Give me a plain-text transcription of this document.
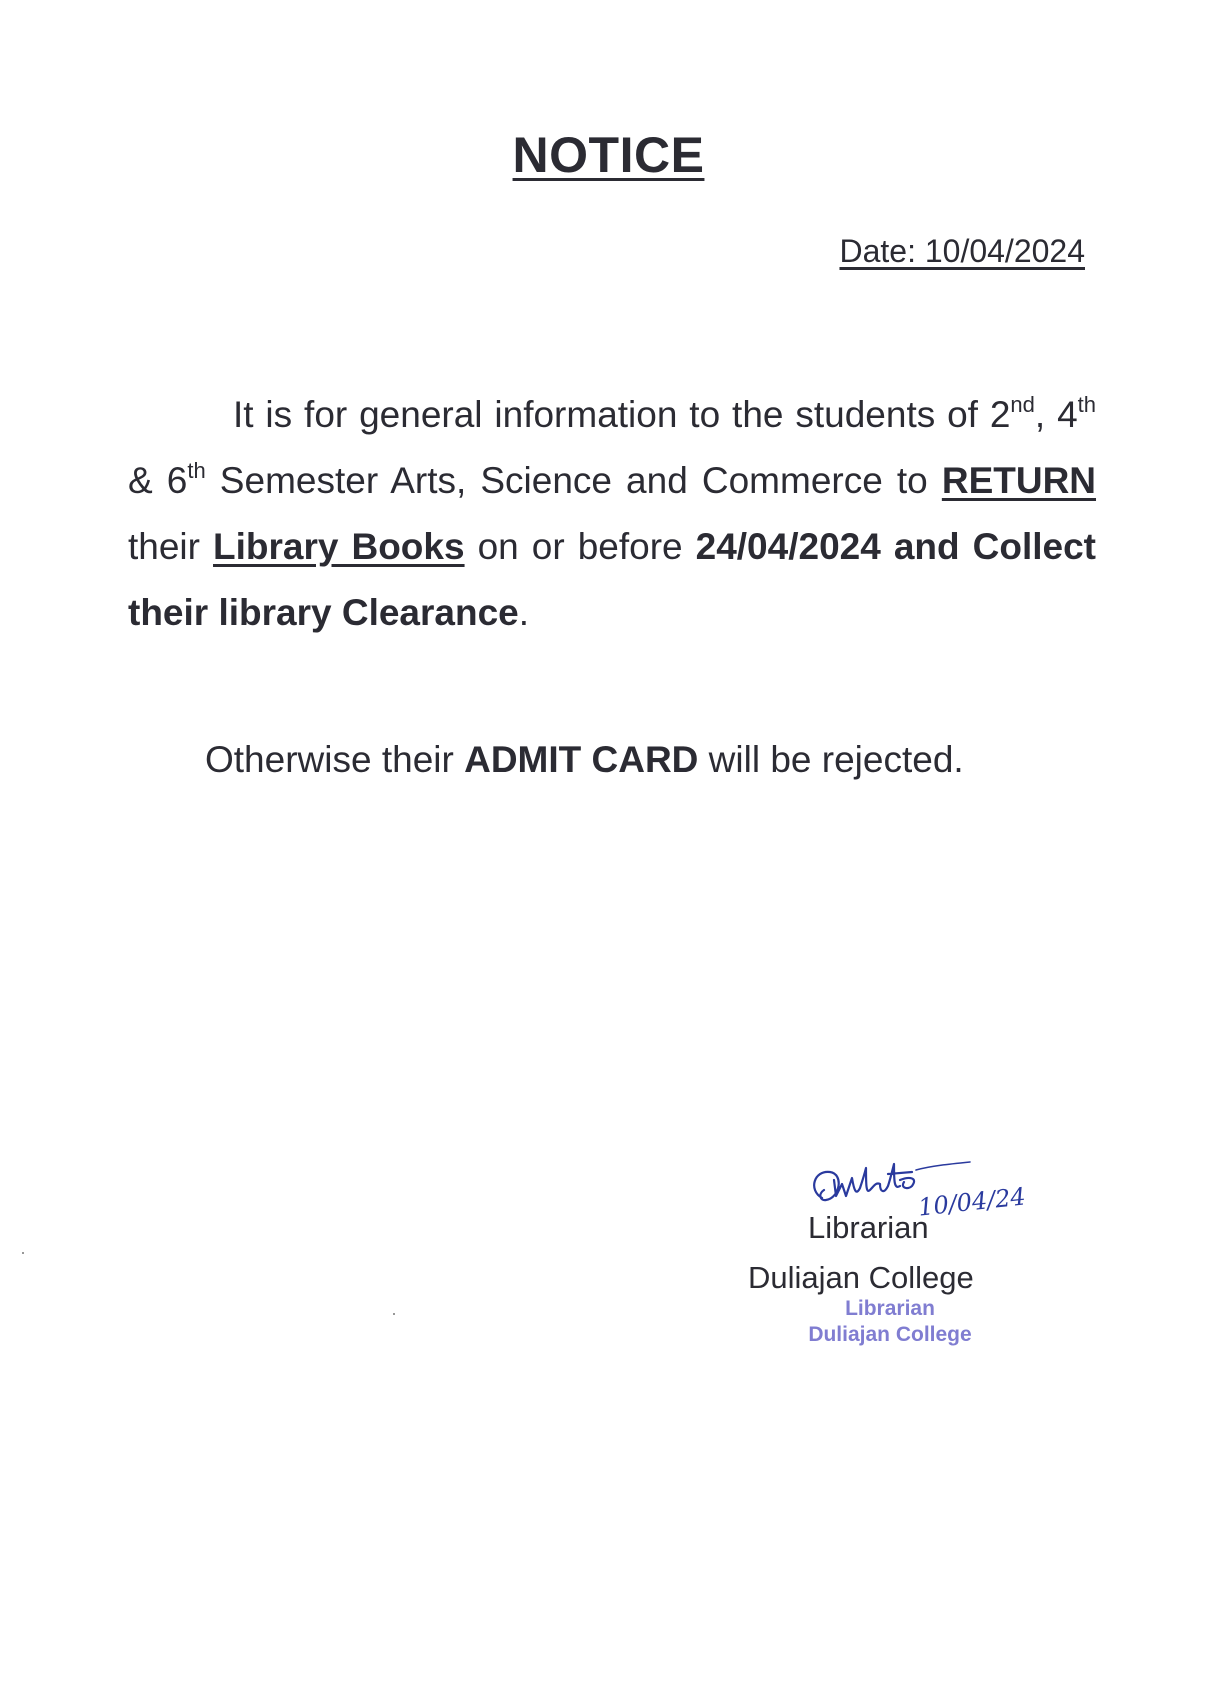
NOTICE
Date: 10/04/2024

It is for general information to the students of 2nd, 4th & 6th Semester Arts, Science and Commerce to RETURN their Library Books on or before 24/04/2024 and Collect their library Clearance.

Otherwise their ADMIT CARD will be rejected.
10/04/24
Librarian
Duliajan College
Librarian
Duliajan College
